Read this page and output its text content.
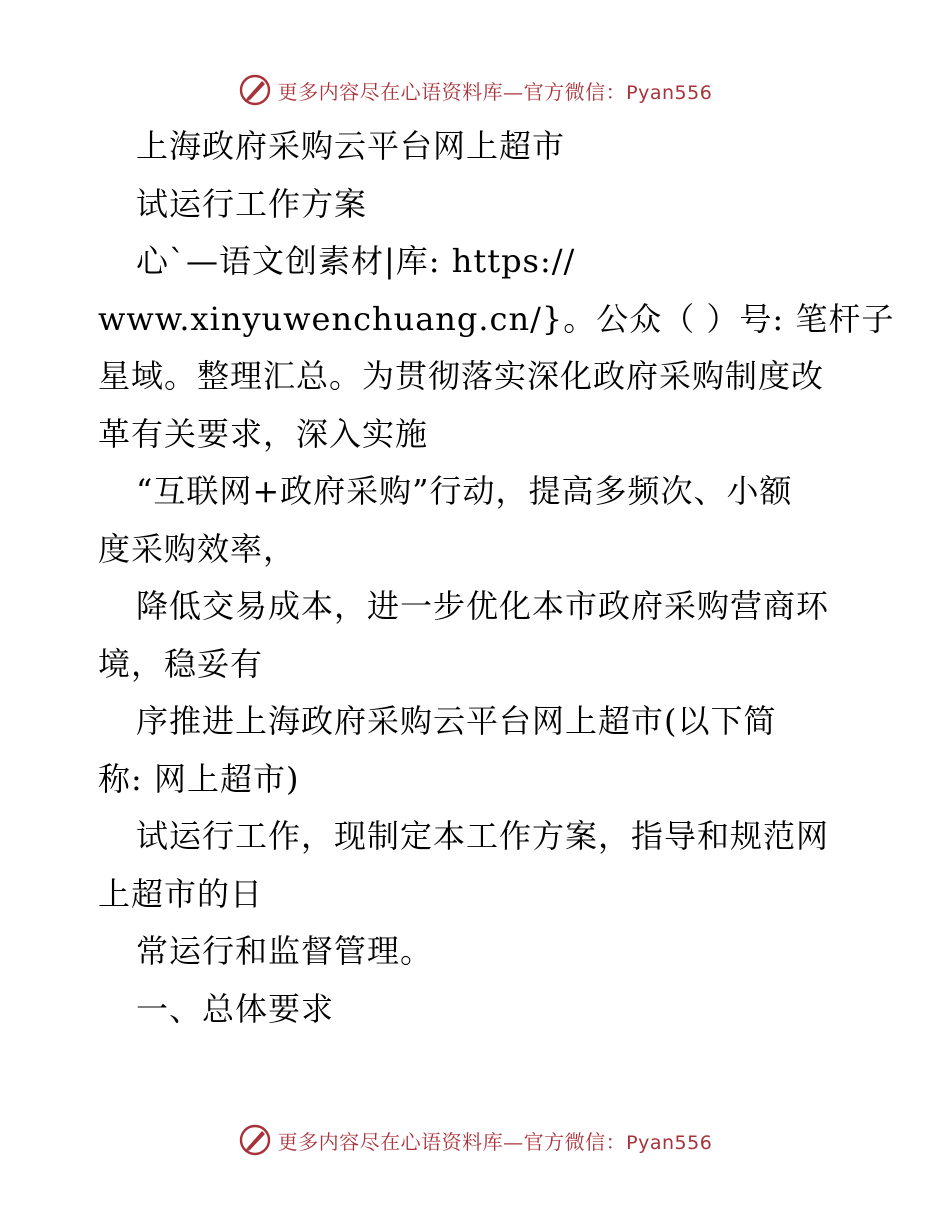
更多内容尽在心语资料库—官方微信：Pyan556
上海政府采购云平台网上超市
试运行工作方案
心`—语文创素材|库: https://
www.xinyuwenchuang.cn/}。公众（ ）号: 笔杆子
星域。整理汇总。为贯彻落实深化政府采购制度改
革有关要求，深入实施
“互联网+政府采购”行动，提高多频次、小额
度采购效率，
降低交易成本，进一步优化本市政府采购营商环
境，稳妥有
序推进上海政府采购云平台网上超市(以下简
称: 网上超市)
试运行工作，现制定本工作方案，指导和规范网
上超市的日
常运行和监督管理。
一、总体要求
更多内容尽在心语资料库—官方微信：Pyan556
